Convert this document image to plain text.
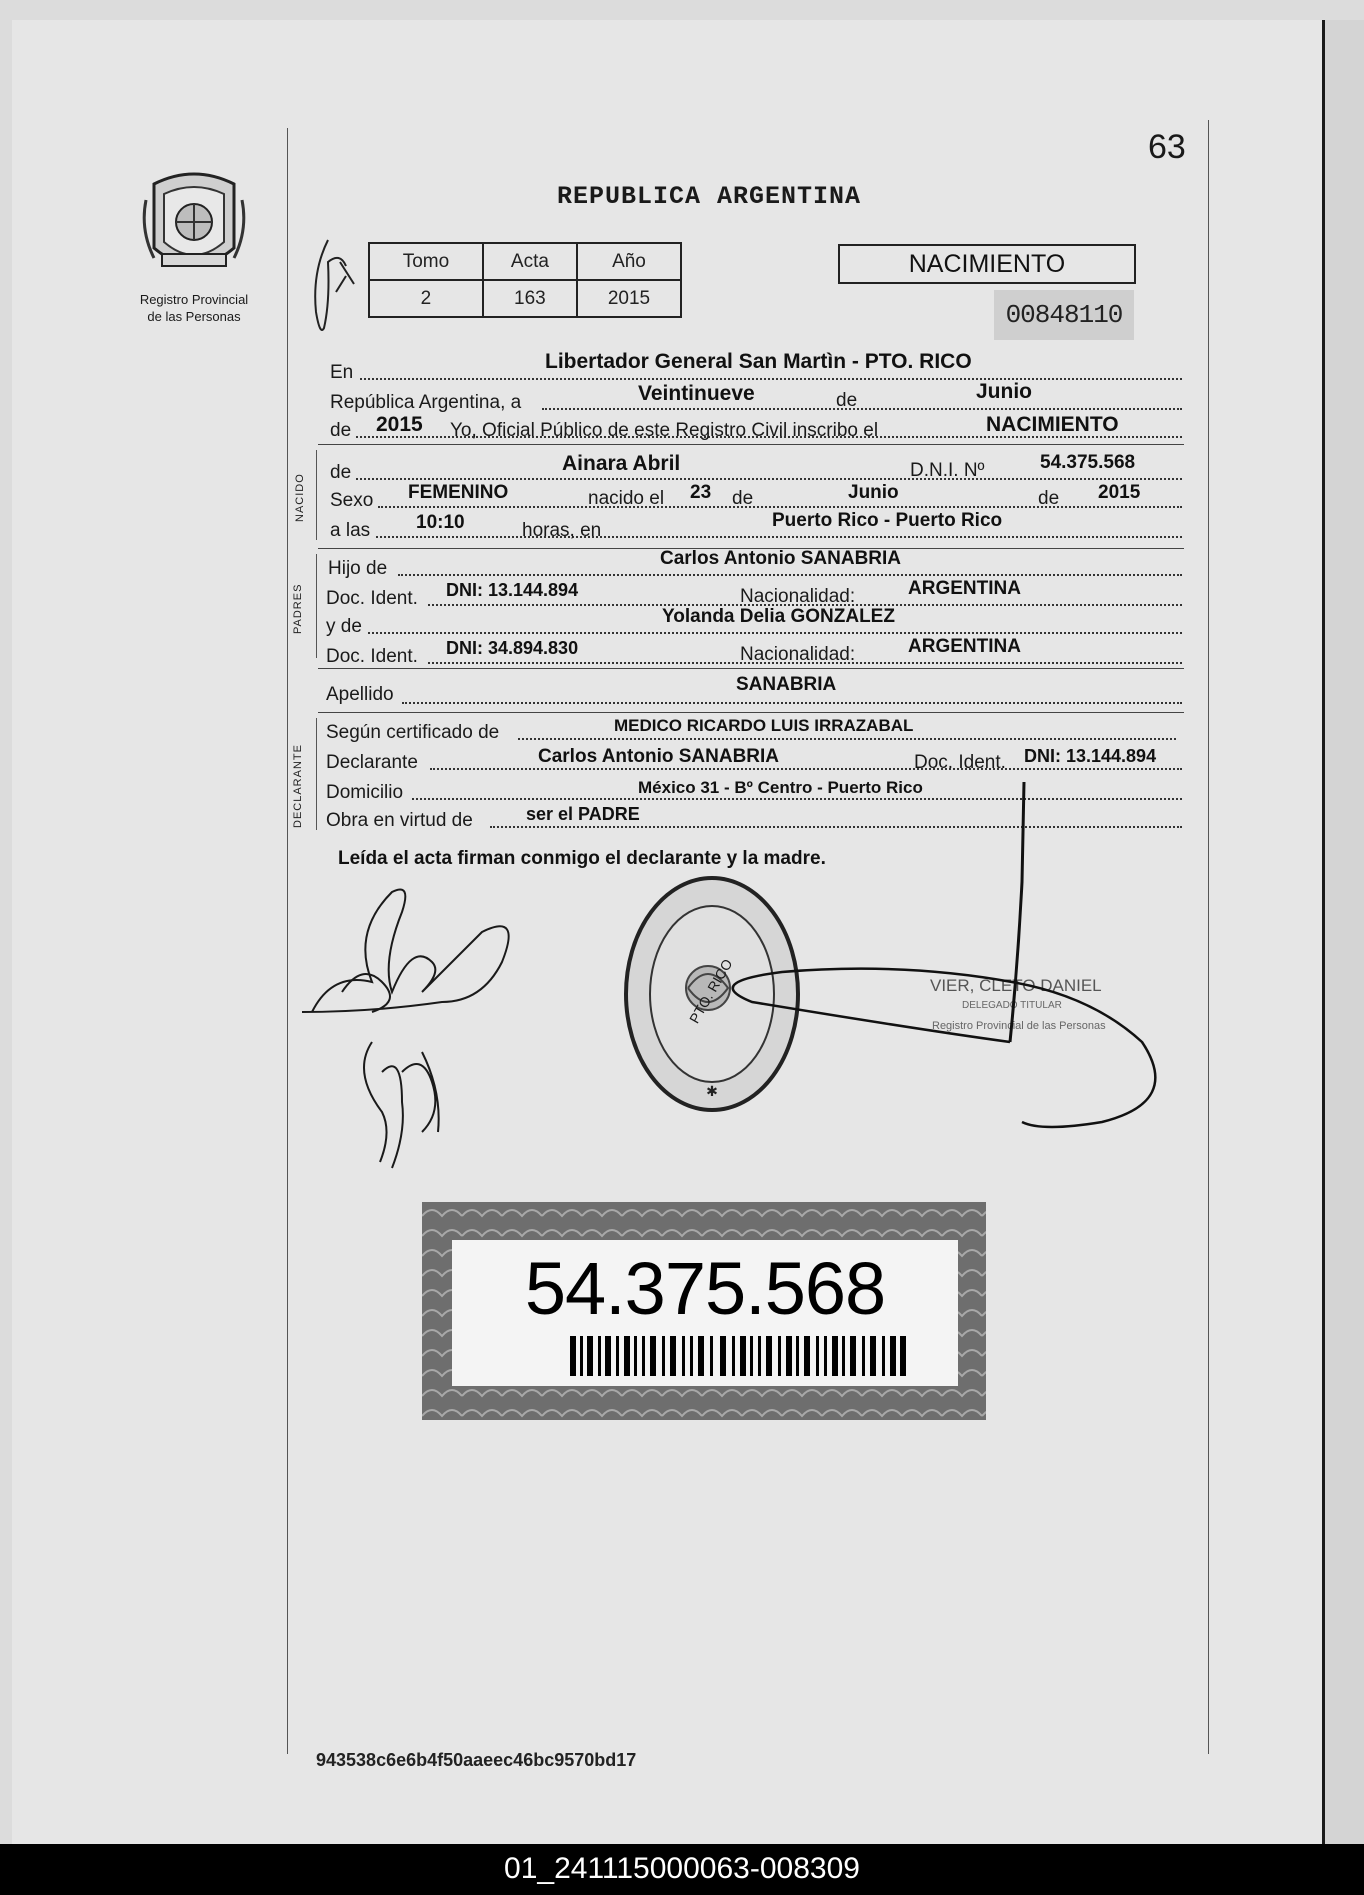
63
Registro Provincial
de las Personas
REPUBLICA ARGENTINA
Tomo	Acta	Año
2	163	2015
NACIMIENTO
00848110
En	Libertador General San Martìn - PTO. RICO
República Argentina, a	Veintinueve	de	Junio
de 2015 Yo, Oficial Público de este Registro Civil inscribo el	NACIMIENTO
NACIDO
de	Ainara Abril	D.N.I. Nº	54.375.568
Sexo FEMENINO	nacido el 23 de	Junio	de 2015
a las 10:10	horas, en	Puerto Rico - Puerto Rico
PADRES
Hijo de	Carlos Antonio SANABRIA
Doc. Ident. DNI: 13.144.894	Nacionalidad:	ARGENTINA
y de	Yolanda Delia GONZALEZ
Doc. Ident. DNI: 34.894.830	Nacionalidad:	ARGENTINA
Apellido	SANABRIA
DECLARANTE
Según certificado de	MEDICO RICARDO LUIS IRRAZABAL
Declarante	Carlos Antonio SANABRIA	Doc. Ident. DNI: 13.144.894
Domicilio	México 31 - Bº Centro - Puerto Rico
Obra en virtud de	ser el PADRE
Leída el acta firman conmigo el declarante y la madre.
✱
PTO. RICO	VIER, CLETO DANIEL
DELEGADO TITULAR
Registro Provincial de las Personas
54.375.568
943538c6e6b4f50aaeec46bc9570bd17
01_241115000063-008309
